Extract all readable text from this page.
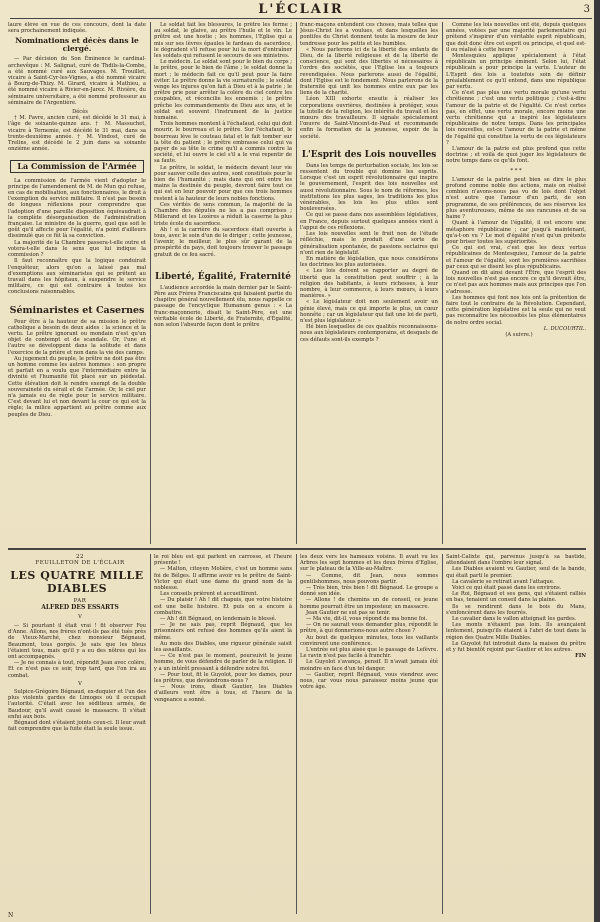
L'ÉCLAIR	3

laure élève en vue de ces concours, dont la date sera prochainement indiquée.

Nominations et décès dans le clergé.

— Par décision de Son Éminence le cardinal-archevêque : M. Salignat, curé de Thdils-la-Combe, a été nommé curé aux Sauvages. M. Trouillet, vicaire à Saint-Cyr-les-Vignes, a été nommé vicaire à Bourg-de-Thizy. M. Girard, vicaire à Mathieu, a été nommé vicaire à Rivier-en-Jarez. M. Rivière, du séminaire universitaire, a été nommé professeur au séminaire de l'Argentière.

Décès

† M. Favre, ancien curé, est décédé le 31 mai, à l'âge de soixante-quinze ans. † M. Massuchet, vicaire à Ternemie, est décédé le 31 mai, dans sa trente-deuxième année. † M. Vindost, curé de Trelins, est décédé le 2 juin dans sa soixante onzième année.

La Commission de l'Armée

La commission de l'armée vient d'adopter le principe de l'amendement de M. de Mun qui refuse, en cas de mobilisation, aux fonctionnaires, le droit à l'exemption du service militaire. Il n'est pas besoin de longues réflexions pour comprendre que l'adoption d'une pareille disposition équivaudrait à la complète désorganisation de l'administration française. Le ministre de la guerre, quel que soit le goût qu'il affecte pour l'égalité, n'a point d'ailleurs dissimulé que ce fût là sa conviction.

La majorité de la Chambre passera-t-elle outre et votera-t-elle dans le sens que lui indique la commission ?

Il faut reconnaître que la logique conduirait l'enquêteur, alors qu'on a laissé pas mal d'exemptions aux séminaristes qui se prêtent au travail dans les hôpitaux, à suspendre le service militaire, ce qui est contraire à toutes les conclusions raisonnables.

Séminaristes et Casernes

Pour être à la hauteur de sa mission le prêtre catholique a besoin de deux aides : la science et la vertu. Le prêtre ignorant ou mondain n'est qu'un objet de contempt et de scandale. Or, l'une et l'autre se développent dans la solitude et dans l'exercice de la prière et non dans la vie des camps.

Au jugement du peuple, le prêtre ne doit pas être un homme comme les autres hommes : son propre et parfait en a voulu que l'intermédiaire entre la divinité et l'humanité fût placé sur un piédestal. Cette élévation doit le rendre exempt de la double souveraineté du sérail et de l'armée. Or, le ciel pur n'a jamais eu de règle pour le service militaire. C'est devant lui et non devant la cour ce qui est la règle; la milice appartient au prêtre comme aux peuples de Dieu.

Le soldat fait les blessures, le prêtre les ferme ; au soldat, le glaive, au prêtre l'huile et le vin. Le prêtre est une hostie ; les hommes, l'Eglise qui a mis sur ses lèvres épaules le fardeau du sacerdoce, le dégradent s'il refuse pour lui la mort d'entraîner les soldats qui refusent le secours de ses ministres.

Le médecin. Le soldat sont pour le bien du corps ; le prêtre, pour le bien de l'âme ; le soldat donne la mort ; le médecin fait ce qu'il peut pour la faire éviter. Le prêtre donne la vie surnaturelle ; le soldat venge les injures qu'on fait à Dieu et à la patrie ; le prêtre prie pour arrêter la colère du ciel contre les coupables, et réconcilie les ennemis ; le prêtre prêche les commandements de Dieu aux uns, et le soldat est souvent l'instrument de la justice humaine.

Trois hommes montent à l'échafaud, celui qui doit mourir, le bourreau et le prêtre. Sur l'échafaud, le bourreau lève le couteau fatal et le fait tomber sur la tête du patient ; le prêtre embrasse celui qui va payer de sa tête le crime qu'il a commis contre la société, et lui ouvre le ciel s'il a le vrai repentir de sa faute.

Le prêtre, le soldat, le médecin devant leur vie pour sauver celle des autres, sont constitués pour le bien de l'humanité ; mais dans qui ont entre les mains la destinée du peuple, devront faire tout ce qui est en leur pouvoir pour que ces trois hommes restent à la hauteur de leurs nobles fonctions.

Ces vérités de sens commun, la majorité de la Chambre des députés ne les a pas comprises ; Millerand et les Lozères a réduit la caserne la plus triste école du sacerdoce.

Ah ! si la carrière du sacerdoce était ouverte à tous, avec le soin d'un de le diriger ; cette jeunesse, l'avenir, le meilleur, le plus sûr garant de la prospérité du pays, doit toujours trouver le passage gratuit de ce feu sacré.

Liberté, Égalité, Fraternité

L'audience accordée la main dernier par le Saint-Père aux Frères Franciscains qui faisaient partie du chapitre général nouvellement élu, nous rappelle ce passage de l'encyclique Humanum genus : « La franc-maçonnerie, disait le Saint-Père, est une véritable école de Liberté, de Fraternité, d'Égalité, non selon l'absurde façon dont le prêtre

franc-maçons entendent ces choses, mais telles que Jésus-Christ les a voulues, et dans lesquelles les pontifes du Christ donnent toute la mesure de leur tendresse pour les petits et les humbles.

« Nous parlerons ici de la liberté des enfants de Dieu, de la liberté religieuse et de la liberté de conscience, qui sont des libertés si nécessaires à l'ordre des sociétés, que l'Eglise les a toujours revendiquées. Nous parlerons aussi de l'égalité, dont l'Eglise est le fondement. Nous parlerons de la fraternité qui unit les hommes entre eux par les liens de la charité.

Léon XIII exhorte ensuite à réaliser les corporations ouvrières, destinées à protéger, sous la tutelle de la religion, les intérêts du travail et les mœurs des travailleurs. Il signale spécialement l'œuvre de Saint-Vincent-de-Paul et recommande enfin la formation de la jeunesse, espoir de la société.

L'Esprit des Lois nouvelles

Dans les temps de perturbation sociale, les lois se ressentent du trouble qui domine les esprits. Lorsque c'est un esprit révolutionnaire qui inspire le gouvernement, l'esprit des lois nouvelles est aussi révolutionnaire. Sous le nom de réformes, les institutions les plus sages, les traditions les plus vénérables, les lois les plus utiles sont bouleversées.

Ce qui se passe dans nos assemblées législatives, en France, depuis surtout quelques années vient à l'appui de ces réflexions.

Les lois nouvelles sont le fruit non de l'étude réfléchie, mais le produit d'une sorte de généralisation spontanée, de passions sectaires qui n'ont rien de législatif.

En matière de législation, que nous considérons les doctrines les plus autorisées.

« Les lois doivent se rapporter au degré de liberté que la constitution peut souffrir ; à la religion des habitants, à leurs richesses, à leur nombre, à leur commerce, à leurs mœurs, à leurs manières. »

« Le législateur doit non seulement avoir un génie élevé, mais ce qui importe le plus, un cœur honnête ; car un législateur qui fait une loi de parti, n'est plus législateur. »

Hé bien lesquelles de ces qualités reconnaissons-nous aux législateurs contemporains, et desquels de ces défauts sont-ils exempts ?

Comme les lois nouvelles ont été, depuis quelques années, votées par une majorité parlementaire qui prétend s'inspirer d'un véritable esprit républicain, que doit donc être cet esprit ou principe, et quel est-il ou réalisé à cette heure ?

Montesquieu applique spécialement à l'état républicain un principe éminent. Selon lui, l'état républicain a pour principe la vertu. L'auteur de L'Esprit des lois a toutefois soin de définir préalablement ce qu'il entend, dans une république par vertu.

Ce n'est pas plus une vertu morale qu'une vertu chrétienne ; c'est une vertu politique ; c'est-à-dire l'amour de la patrie et de l'égalité. Ce n'est certes pas, en effet, une vertu morale, encore moins une vertu chrétienne qui a inspiré les législateurs républicains de notre temps. Dans les principales lois nouvelles, est-ce l'amour de la patrie et même de l'égalité qui constitue la vertu de ces législateurs ?

L'amour de la patrie est plus profond que cette doctrine ; et voilà de quoi juger les législateurs de notre temps dans ce qu'ils font.

* * *

L'amour de la patrie peut bien se dire le plus profond comme noble des actions, mais on réalisé combien n'avons-nous pas vu de lois dont l'objet n'est autre que l'amour d'un parti, de son programme, de ses préférences, de ses réserves les plus aventureuses, même de ses rancunes et de sa haine ?

Quant à l'amour de l'égalité, il est encore une métaphore républicaine ; car jusqu'à maintenant, qu'a-t-on vu ? Le mot d'égalité n'est qu'un prétexte pour briser toutes les supériorités.

Ce qui est vrai, c'est que les deux vertus républicaines de Montesquieu, l'amour de la patrie et l'amour de l'égalité, sont les premières sacrifiées par ceux qui se disent les plus républicains.

Quand on dit ainsi devant l'Être, que l'esprit des lois nouvelles n'est pas encore ce qu'il devrait être, ce n'est pas aux hommes mais aux principes que l'on s'adresse.

Les hommes qui font nos lois ont la prétention de faire tout le contraire de la Révolution. Cependant, cette génération législative est la seule qui ne veut pas reconnaître les nécessités les plus élémentaires de notre ordre social.

L. DUCOURTIL.

(A suivre.)

22

FEUILLETON DE L'ÉCLAIR

LES QUATRE MILLE DIABLES

PAR

ALFRED DES ESSARTS

V

— Si pourtant il était vrai ! fit observer Fou d'Anne. Allons, nos frères n'ont-ils pas été tués près de Vieux-Marché, chez monsieur Bégnaud, Beaumont, tous gorgés. Je sais que les bleus l'étaient tous, mais qu'il y a eu des nôtres qui les ont accompagnés.

— Je ne connais à tout, répondit Jean avec colère, Et ce n'est pas ce soir, trop tard, que l'on ira au combat.

V

Sulpice-Grégoire Bégnaud, ex-duquier et l'un des plus violents gardes de Limoges où il occupait l'autorité. C'était avec les séditieux armés, de Baudour, qu'il avait causé le massacre. Il s'était enfui aux bois.

Bégnaud dont s'étaient joints ceux-ci. Il leur avait fait comprendre que la fuite était la seule issue.

le roi bleu est qui parlent en carrosse, et l'heure présente !

— Malton, citoyen Molière, c'est un homme sans foi de Bélges. Il affirme avoir vu le prêtre de Saint-Victor qui était une dame du grand nom de la noblesse.

Les conseils prièrent et accueillirent.

— Du plaisir ! Ah ! dit chapuis, que votre histoire est une belle histoire. Et puis on a encore à combattre.

— Ah ! dit Bégnaud, on lendemain le blessé.

— Je ne sais pas, reprit Bégnaud, que les prisonniers ont refusé des hommes qu'ils aient là même.

Au mois des Diables, une rigueur générale saisit les assaillants.

— Ce n'est pas le moment, poursuivit le jeune homme, de vous défendre de parler de la religion. Il y a un intérêt pressant à défendre notre foi.

— Pour tout, fit le Guyolot, pour les dames, pour les prêtres, que deviendrons-nous ?

— Nous irons, disait Gautier, les Diables d'ailleurs vont être à tous, et l'heure de la vengeance a sonné.

les deux vers les hameaux voisins. Il avait vu les Arbres les sept hommes et les deux frères d'Eglise, sur le plateau de la Ville-au-Maître.

— Comme, dit Jean, nous sommes gentilshommes, nous pouvons partir.

— Très bien, très bien ! dit Bégnaud. Le groupe a donné son idée.

— Allons ! de chemins un de conseil, ce jeune homme pourrait être un imposteur, un massacre.

Jean Gautier ne sut pas se tenir.

— Ma vie, dit-il, vous répond de ma bonne foi.

— On ne saurait vous demander plus, répondit le prêtre, à qui donnerions-nous autre chose ?

Au bout de quelques minutes, tous les vaillants convinrent une conférence.

L'entrée est plus aisée que le passage de Lefèvre. Le ravin n'est pas facile à franchir.

Le Guyolot s'avança, pensif. Il n'avait jamais été moindre en face d'un tel danger.

— Gautier, reprit Bégnaud, vous viendrez avec nous, car vous nous paraissez moins jeune que votre âge.

Saint-Calixte qui, parvenus jusqu'à sa bastide, attendaient dans l'ombre leur signal.

Les Diables avaient vu Gautier, seul de la bande, qui était parti le premier.

La cavalerie se retirait avant l'attaque.

Voici ce qui était passé dans les environs.

Le Roi, Bégnaud et ses gens, qui s'étaient ralliés en bas, tenaient un conseil dans la plaine.

Ils se rendirent dans le bois du Mans, s'enfoncèrent dans les fourrés.

Le cavalier dans le vallon atteignait les gardes.

Les monts n'étaient pas loin. Ils avançaient lentement, puisqu'ils étaient à l'abri de tout dans la région des Quatre Mille Diables.

Le Guyolot fut introduit dans la maison du prêtre et y fut bientôt rejoint par Gautier et les autres.

FIN

N
